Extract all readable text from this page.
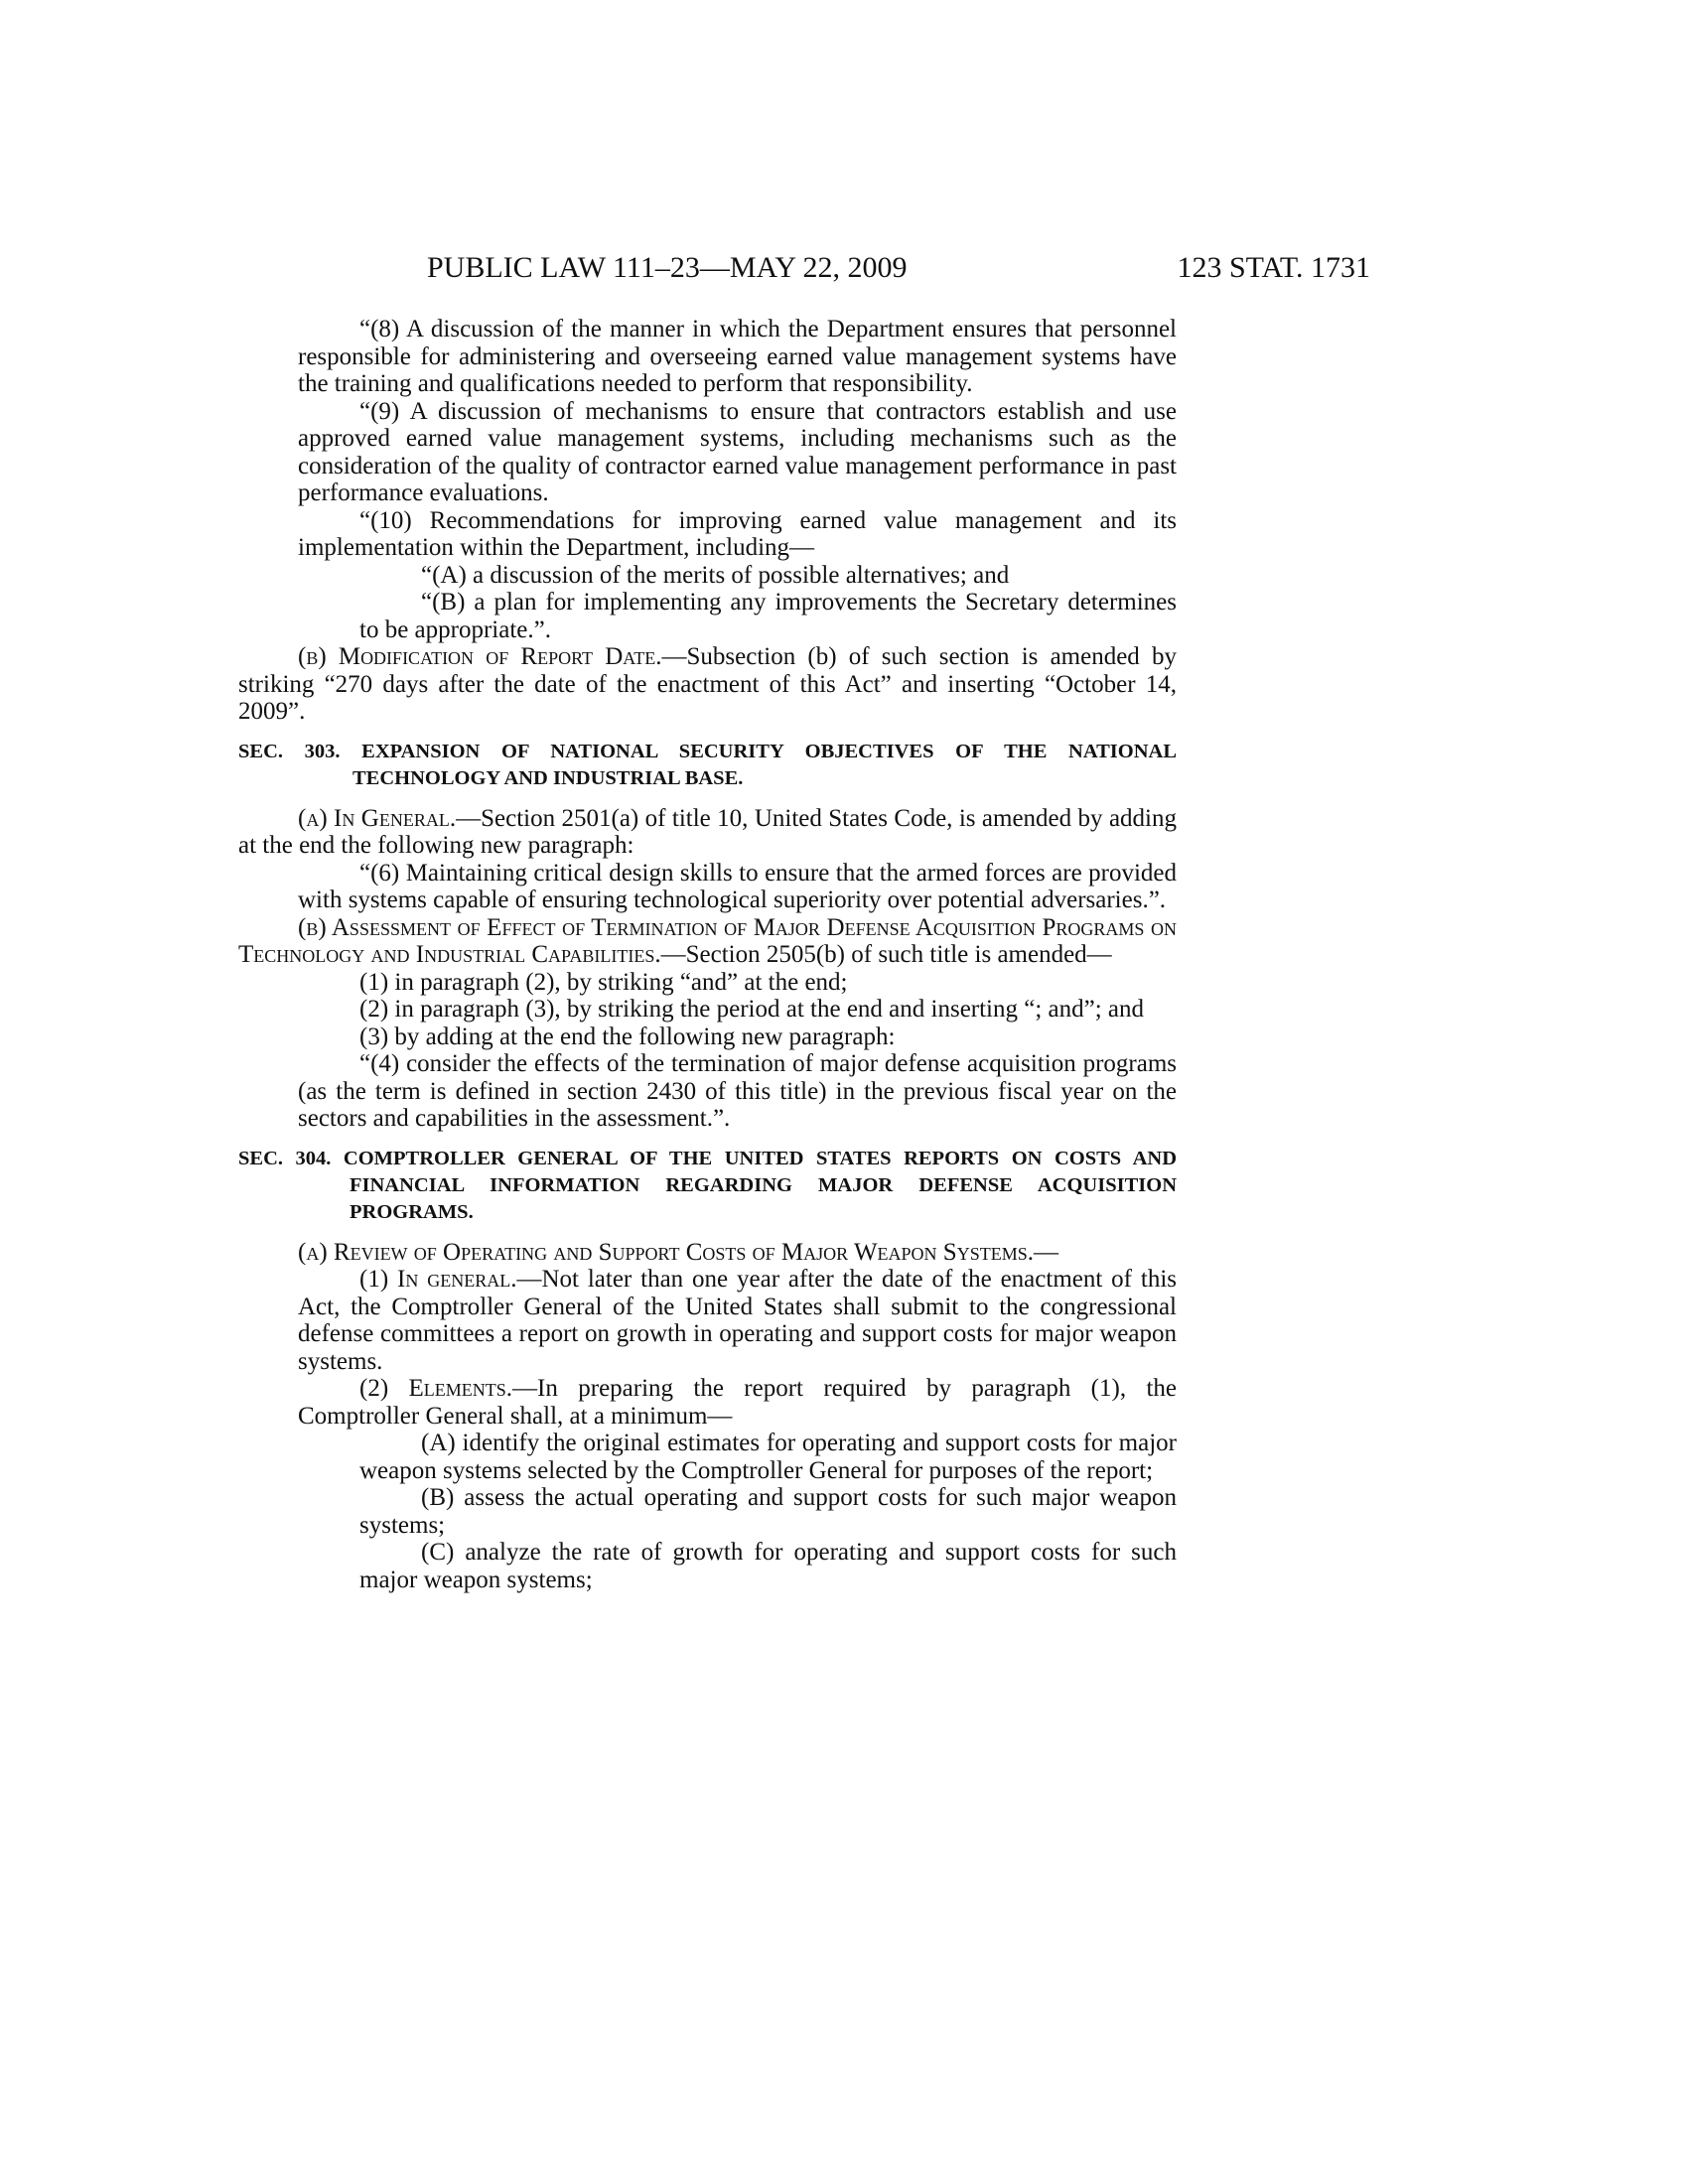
PUBLIC LAW 111–23—MAY 22, 2009	123 STAT. 1731

“(8) A discussion of the manner in which the Department ensures that personnel responsible for administering and overseeing earned value management systems have the training and qualifications needed to perform that responsibility.

“(9) A discussion of mechanisms to ensure that contractors establish and use approved earned value management systems, including mechanisms such as the consideration of the quality of contractor earned value management performance in past performance evaluations.

“(10) Recommendations for improving earned value management and its implementation within the Department, including—

“(A) a discussion of the merits of possible alternatives; and

“(B) a plan for implementing any improvements the Secretary determines to be appropriate.”.

(b) Modification of Report Date.—Subsection (b) of such section is amended by striking “270 days after the date of the enactment of this Act” and inserting “October 14, 2009”.

SEC. 303. EXPANSION OF NATIONAL SECURITY OBJECTIVES OF THE NATIONAL TECHNOLOGY AND INDUSTRIAL BASE.

(a) In General.—Section 2501(a) of title 10, United States Code, is amended by adding at the end the following new paragraph:

“(6) Maintaining critical design skills to ensure that the armed forces are provided with systems capable of ensuring technological superiority over potential adversaries.”.

(b) Assessment of Effect of Termination of Major Defense Acquisition Programs on Technology and Industrial Capabilities.—Section 2505(b) of such title is amended—

(1) in paragraph (2), by striking “and” at the end;

(2) in paragraph (3), by striking the period at the end and inserting “; and”; and

(3) by adding at the end the following new paragraph:

“(4) consider the effects of the termination of major defense acquisition programs (as the term is defined in section 2430 of this title) in the previous fiscal year on the sectors and capabilities in the assessment.”.

SEC. 304. COMPTROLLER GENERAL OF THE UNITED STATES REPORTS ON COSTS AND FINANCIAL INFORMATION REGARDING MAJOR DEFENSE ACQUISITION PROGRAMS.

(a) Review of Operating and Support Costs of Major Weapon Systems.—

(1) In general.—Not later than one year after the date of the enactment of this Act, the Comptroller General of the United States shall submit to the congressional defense committees a report on growth in operating and support costs for major weapon systems.

(2) Elements.—In preparing the report required by paragraph (1), the Comptroller General shall, at a minimum—

(A) identify the original estimates for operating and support costs for major weapon systems selected by the Comptroller General for purposes of the report;

(B) assess the actual operating and support costs for such major weapon systems;

(C) analyze the rate of growth for operating and support costs for such major weapon systems;
